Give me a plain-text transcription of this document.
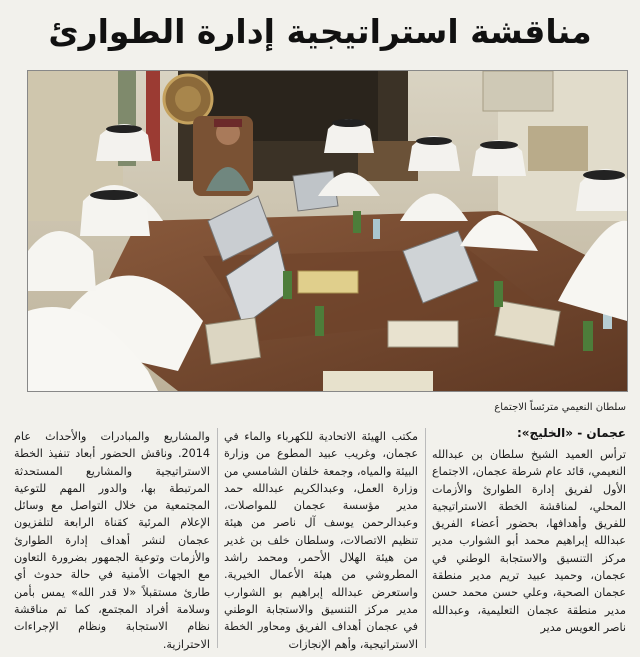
مناقشة استراتيجية إدارة الطوارئ
سلطان النعيمي مترئساً الاجتماع
عجمان - «الخليج»:

ترأس العميد الشيخ سلطان بن عبدالله النعيمي، قائد عام شرطة عجمان، الاجتماع الأول لفريق إدارة الطوارئ والأزمات المحلي، لمناقشة الخطة الاستراتيجية للفريق وأهدافها، بحضور أعضاء الفريق عبدالله إبراهيم محمد أبو الشوارب مدير مركز التنسيق والاستجابة الوطني في عجمان، وحميد عبيد تريم مدير منطقة عجمان الصحية، وعلي حسن محمد حسن مدير منطقة عجمان التعليمية، وعبدالله ناصر العويس مدير

مكتب الهيئة الاتحادية للكهرباء والماء في عجمان، وغريب عبيد المطوع من وزارة البيئة والمياه، وجمعة خلفان الشامسي من وزارة العمل، وعبدالكريم عبدالله حمد مدير مؤسسة عجمان للمواصلات، وعبدالرحمن يوسف آل ناصر من هيئة تنظيم الاتصالات، وسلطان خلف بن غدير من هيئة الهلال الأحمر، ومحمد راشد المطروشي من هيئة الأعمال الخيرية. واستعرض عبدالله إبراهيم بو الشوارب مدير مركز التنسيق والاستجابة الوطني في عجمان أهداف الفريق ومحاور الخطة الاستراتيجية، وأهم الإنجازات

والمشاريع والمبادرات والأحداث عام 2014. وناقش الحضور أبعاد تنفيذ الخطة الاستراتيجية والمشاريع المستحدثة المرتبطة بها، والدور المهم للتوعية المجتمعية من خلال التواصل مع وسائل الإعلام المرئية كقناة الرابعة لتلفزيون عجمان لنشر أهداف إدارة الطوارئ والأزمات وتوعية الجمهور بضرورة التعاون مع الجهات الأمنية في حالة حدوث أي طارئ مستقبلاً «لا قدر الله» يمس بأمن وسلامة أفراد المجتمع، كما تم مناقشة نظام الاستجابة ونظام الإجراءات الاحترازية.
